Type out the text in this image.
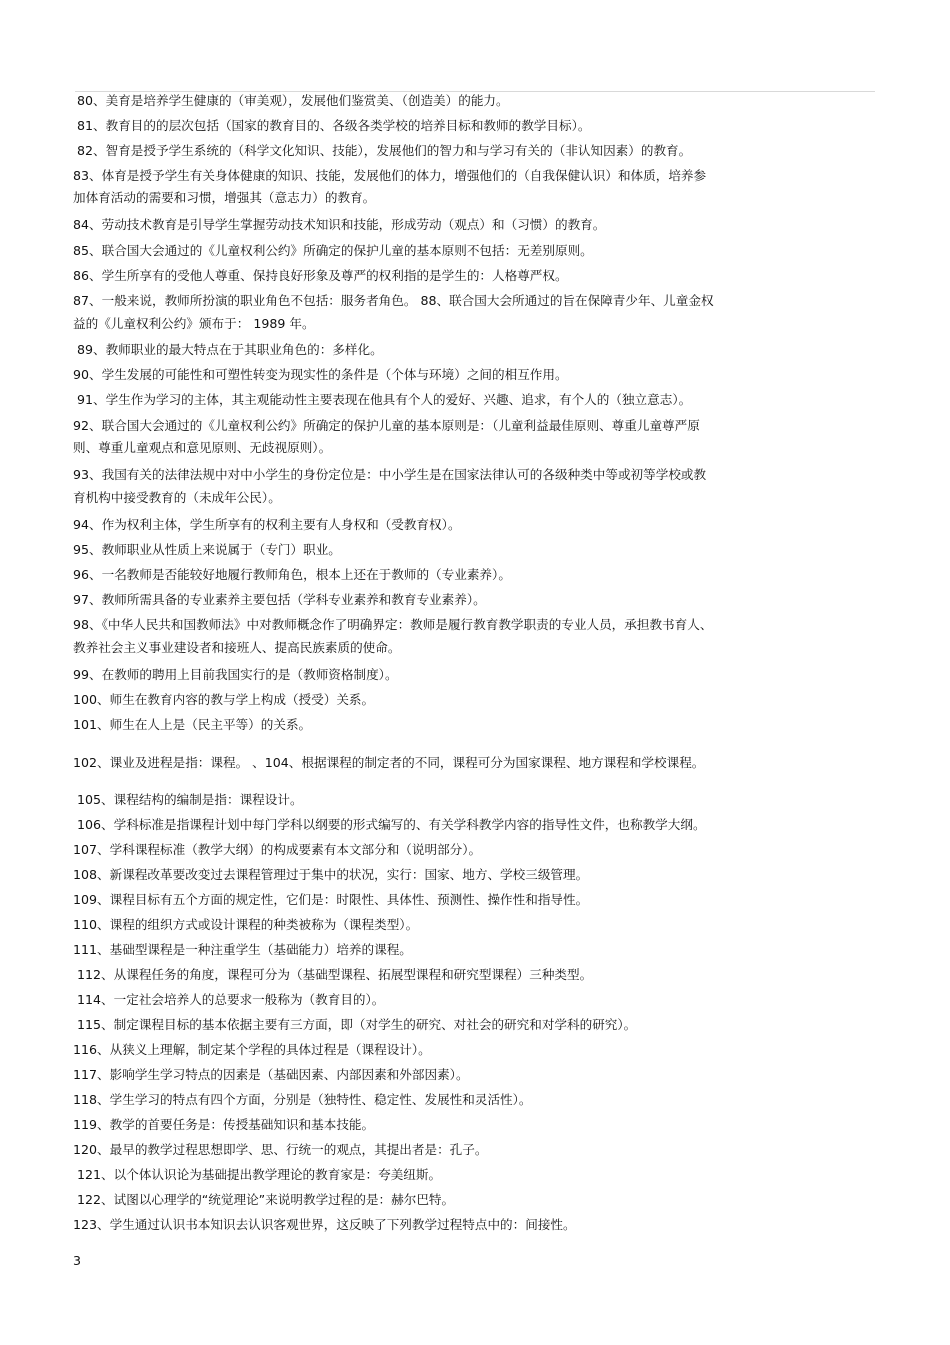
80、美育是培养学生健康的（审美观），发展他们鉴赏美、（创造美）的能力。
81、教育目的的层次包括（国家的教育目的、各级各类学校的培养目标和教师的教学目标）。
82、智育是授予学生系统的（科学文化知识、技能），发展他们的智力和与学习有关的（非认知因素）的教育。
83、体育是授予学生有关身体健康的知识、技能，发展他们的体力，增强他们的（自我保健认识）和体质，培养参
加体育活动的需要和习惯，增强其（意志力）的教育。
84、劳动技术教育是引导学生掌握劳动技术知识和技能，形成劳动（观点）和（习惯）的教育。
85、联合国大会通过的《儿童权利公约》所确定的保护儿童的基本原则不包括：无差别原则。
86、学生所享有的受他人尊重、保持良好形象及尊严的权利指的是学生的：人格尊严权。
87、一般来说，教师所扮演的职业角色不包括：服务者角色。 88、联合国大会所通过的旨在保障青少年、儿童金权
益的《儿童权利公约》颁布于： 1989 年。
89、教师职业的最大特点在于其职业角色的：多样化。
90、学生发展的可能性和可塑性转变为现实性的条件是（个体与环境）之间的相互作用。
91、学生作为学习的主体，其主观能动性主要表现在他具有个人的爱好、兴趣、追求，有个人的（独立意志）。
92、联合国大会通过的《儿童权利公约》所确定的保护儿童的基本原则是：（儿童利益最佳原则、尊重儿童尊严原
则、尊重儿童观点和意见原则、无歧视原则）。
93、我国有关的法律法规中对中小学生的身份定位是：中小学生是在国家法律认可的各级种类中等或初等学校或教
育机构中接受教育的（未成年公民）。
94、作为权利主体，学生所享有的权利主要有人身权和（受教育权）。
95、教师职业从性质上来说属于（专门）职业。
96、一名教师是否能较好地履行教师角色，根本上还在于教师的（专业素养）。
97、教师所需具备的专业素养主要包括（学科专业素养和教育专业素养）。
98、《中华人民共和国教师法》中对教师概念作了明确界定：教师是履行教育教学职责的专业人员，承担教书育人、
教养社会主义事业建设者和接班人、提高民族素质的使命。
99、在教师的聘用上目前我国实行的是（教师资格制度）。
100、师生在教育内容的教与学上构成（授受）关系。
101、师生在人上是（民主平等）的关系。
102、课业及进程是指：课程。 、104、根据课程的制定者的不同，课程可分为国家课程、地方课程和学校课程。
105、课程结构的编制是指：课程设计。
106、学科标准是指课程计划中每门学科以纲要的形式编写的、有关学科教学内容的指导性文件，也称教学大纲。
107、学科课程标准（教学大纲）的构成要素有本文部分和（说明部分）。
108、新课程改革要改变过去课程管理过于集中的状况，实行：国家、地方、学校三级管理。
109、课程目标有五个方面的规定性，它们是：时限性、具体性、预测性、操作性和指导性。
110、课程的组织方式或设计课程的种类被称为（课程类型）。
111、基础型课程是一种注重学生（基础能力）培养的课程。
112、从课程任务的角度，课程可分为（基础型课程、拓展型课程和研究型课程）三种类型。
114、一定社会培养人的总要求一般称为（教育目的）。
115、制定课程目标的基本依据主要有三方面，即（对学生的研究、对社会的研究和对学科的研究）。
116、从狭义上理解，制定某个学程的具体过程是（课程设计）。
117、影响学生学习特点的因素是（基础因素、内部因素和外部因素）。
118、学生学习的特点有四个方面，分别是（独特性、稳定性、发展性和灵活性）。
119、教学的首要任务是：传授基础知识和基本技能。
120、最早的教学过程思想即学、思、行统一的观点，其提出者是：孔子。
121、以个体认识论为基础提出教学理论的教育家是：夸美纽斯。
122、试图以心理学的“统觉理论”来说明教学过程的是：赫尔巴特。
123、学生通过认识书本知识去认识客观世界，这反映了下列教学过程特点中的：间接性。
3
